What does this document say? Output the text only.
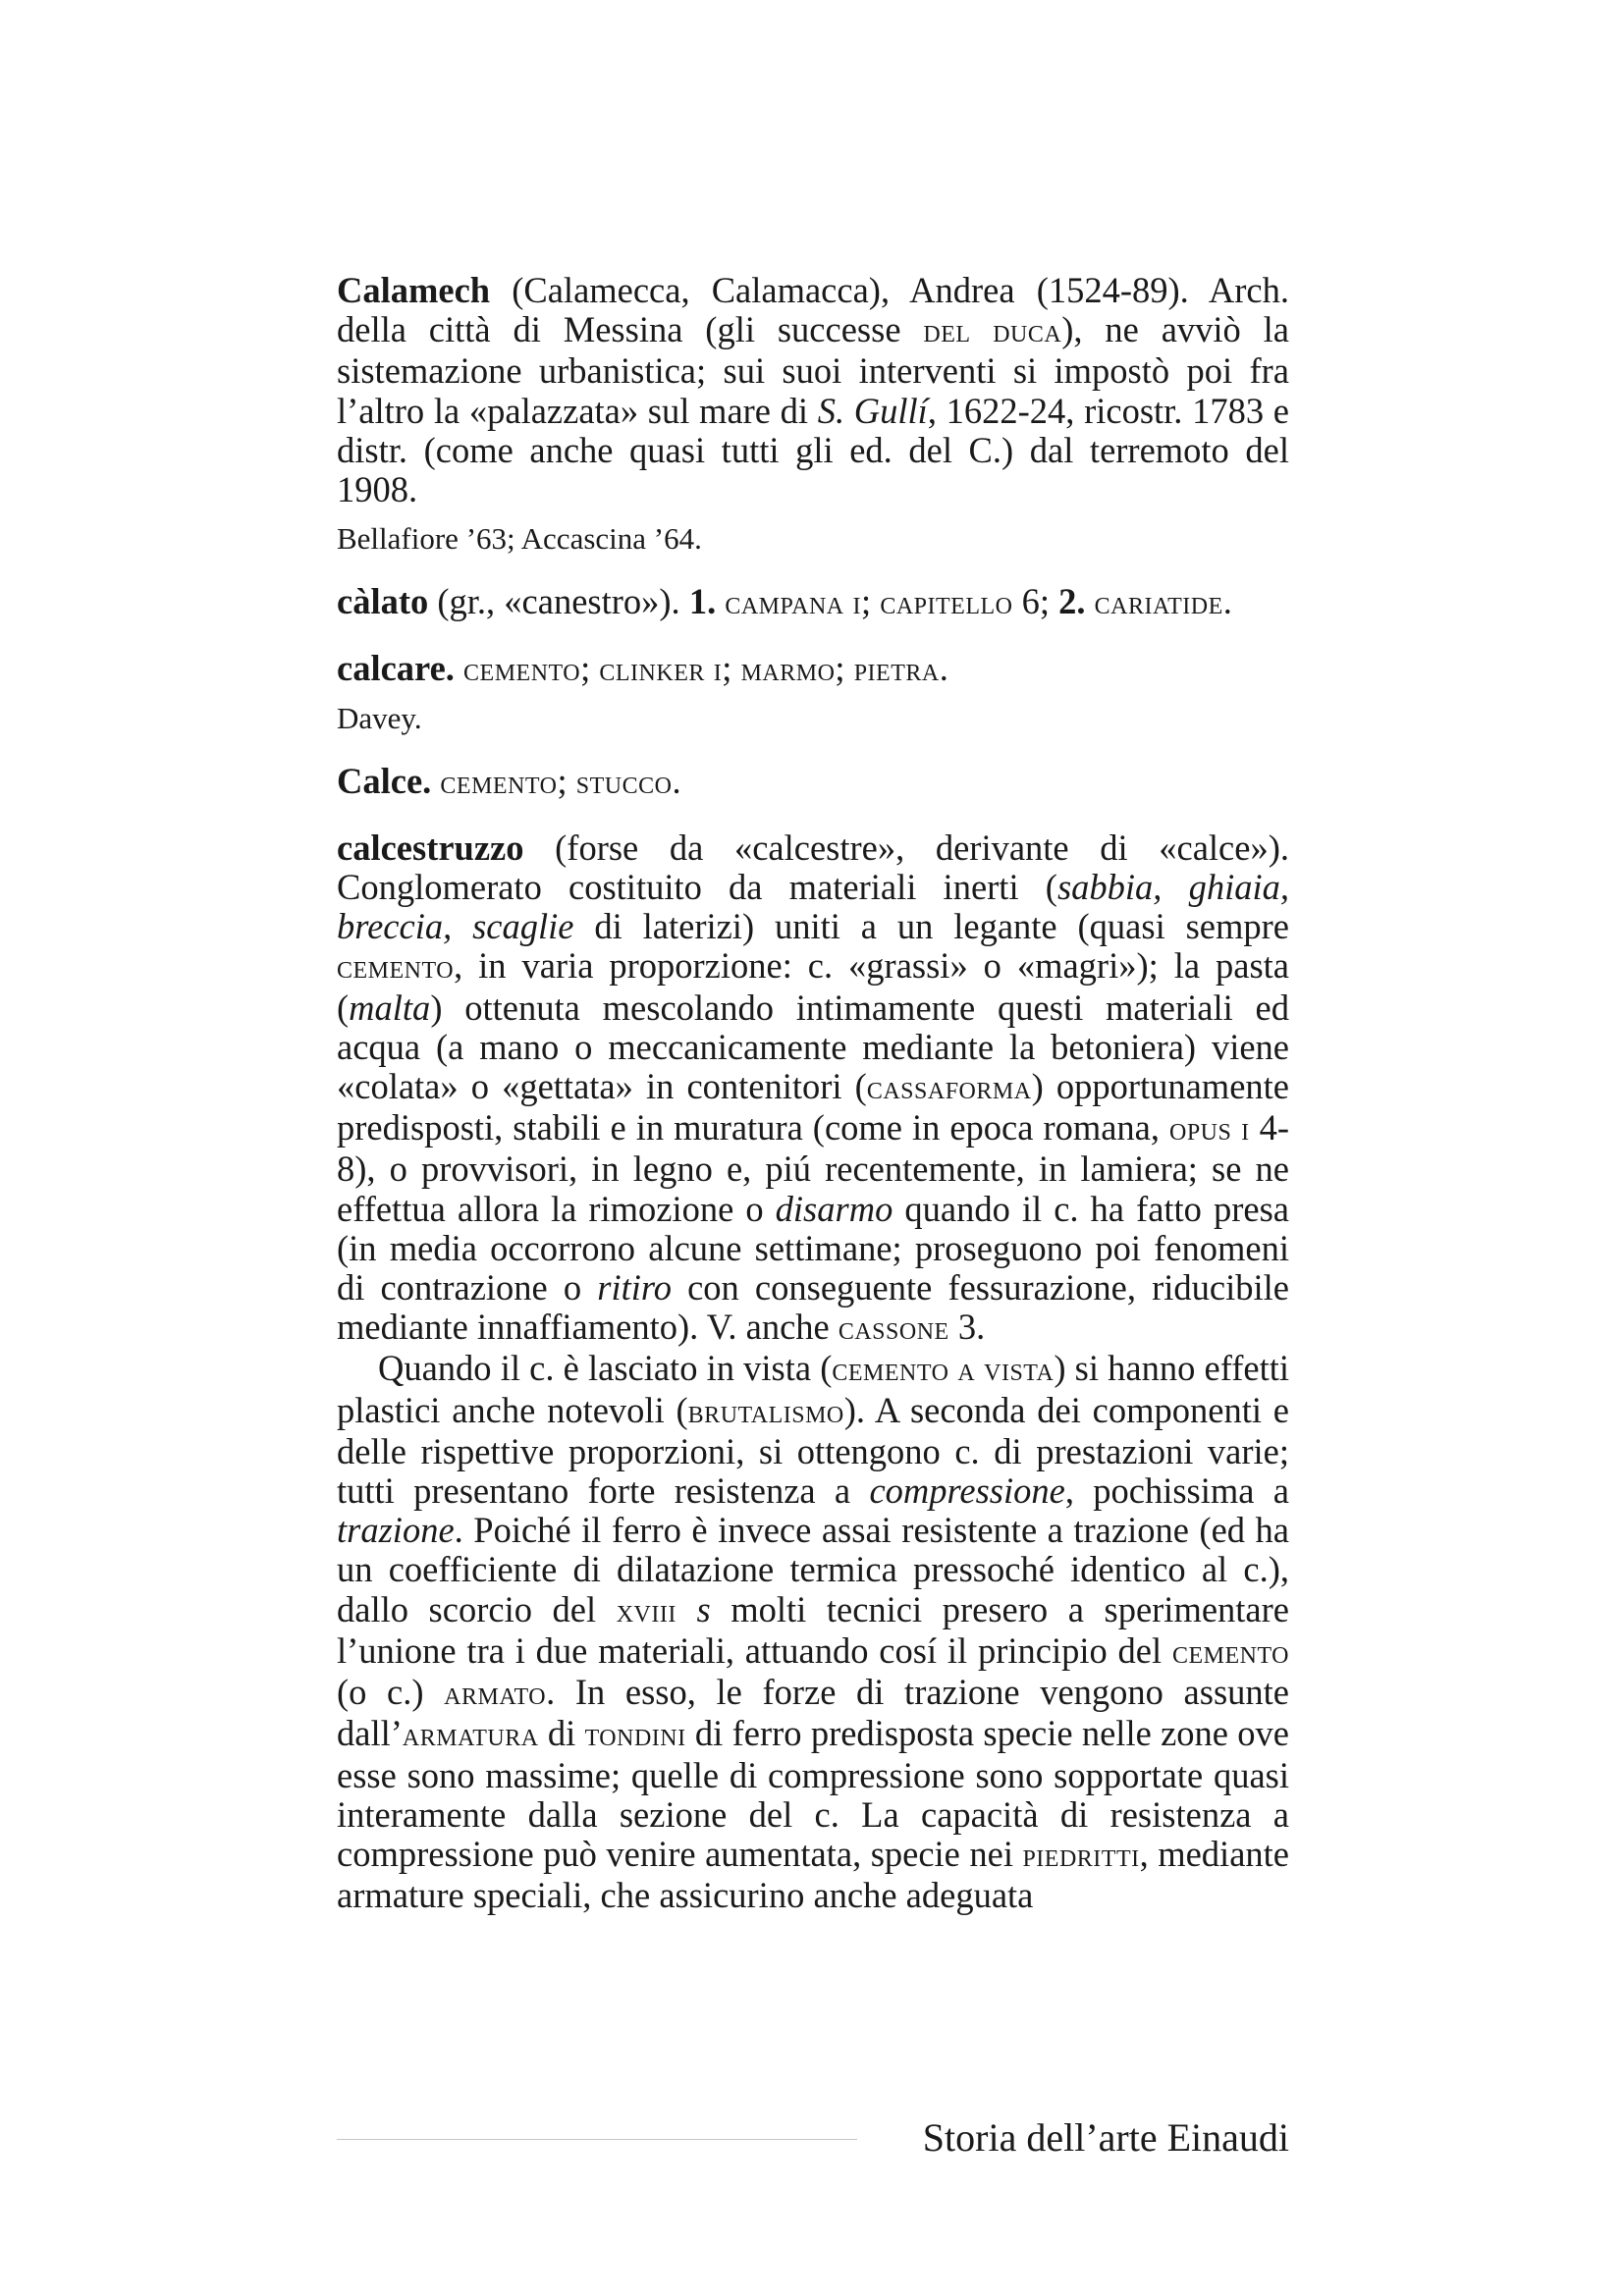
Calamech (Calamecca, Calamacca), Andrea (1524-89). Arch. della città di Messina (gli successe del duca), ne avviò la sistemazione urbanistica; sui suoi interventi si impostò poi fra l’altro la «palazzata» sul mare di S. Gullí, 1622-24, ricostr. 1783 e distr. (come anche quasi tutti gli ed. del C.) dal terremoto del 1908.

Bellafiore ’63; Accascina ’64.

càlato (gr., «canestro»). 1. campana i; capitello 6; 2. cariatide.

calcare. cemento; clinker i; marmo; pietra.

Davey.

Calce. cemento; stucco.

calcestruzzo (forse da «calcestre», derivante di «calce»). Conglomerato costituito da materiali inerti (sabbia, ghiaia, breccia, scaglie di laterizi) uniti a un legante (quasi sempre cemento, in varia proporzione: c. «grassi» o «magri»); la pasta (malta) ottenuta mescolando intimamente questi materiali ed acqua (a mano o meccanicamente mediante la betoniera) viene «colata» o «gettata» in contenitori (cassaforma) opportunamente predisposti, stabili e in muratura (come in epoca romana, opus i 4-8), o provvisori, in legno e, piú recentemente, in lamiera; se ne effettua allora la rimozione o disarmo quando il c. ha fatto presa (in media occorrono alcune settimane; proseguono poi fenomeni di contrazione o ritiro con conseguente fessurazione, riducibile mediante innaffiamento). V. anche cassone 3.

Quando il c. è lasciato in vista (cemento a vista) si hanno effetti plastici anche notevoli (brutalismo). A seconda dei componenti e delle rispettive proporzioni, si ottengono c. di prestazioni varie; tutti presentano forte resistenza a compressione, pochissima a trazione. Poiché il ferro è invece assai resistente a trazione (ed ha un coefficiente di dilatazione termica pressoché identico al c.), dallo scorcio del xviii s molti tecnici presero a sperimentare l’unione tra i due materiali, attuando cosí il principio del cemento (o c.) armato. In esso, le forze di trazione vengono assunte dall’armatura di tondini di ferro predisposta specie nelle zone ove esse sono massime; quelle di compressione sono sopportate quasi interamente dalla sezione del c. La capacità di resistenza a compressione può venire aumentata, specie nei piedritti, mediante armature speciali, che assicurino anche adeguata

Storia dell’arte Einaudi
